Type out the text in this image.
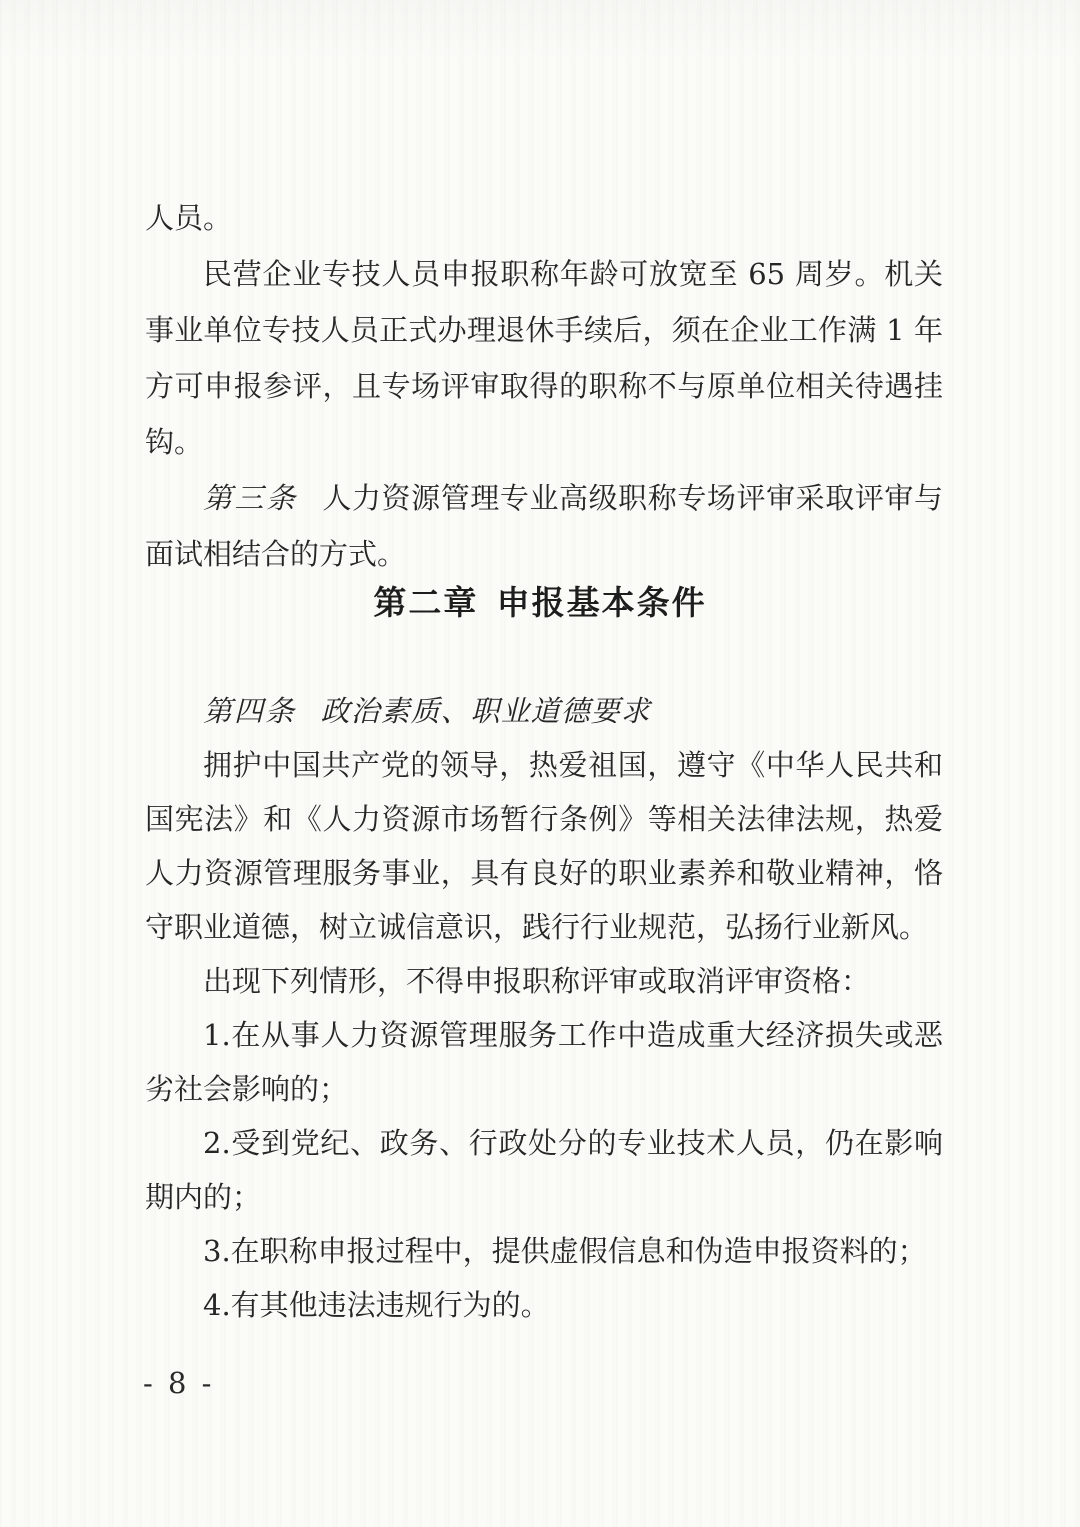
人员。

民营企业专技人员申报职称年龄可放宽至 65 周岁。机关事业单位专技人员正式办理退休手续后，须在企业工作满 1 年方可申报参评，且专场评审取得的职称不与原单位相关待遇挂钩。

第三条 人力资源管理专业高级职称专场评审采取评审与面试相结合的方式。

第二章 申报基本条件

第四条 政治素质、职业道德要求

拥护中国共产党的领导，热爱祖国，遵守《中华人民共和国宪法》和《人力资源市场暂行条例》等相关法律法规，热爱人力资源管理服务事业，具有良好的职业素养和敬业精神，恪守职业道德，树立诚信意识，践行行业规范，弘扬行业新风。

出现下列情形，不得申报职称评审或取消评审资格：

1.在从事人力资源管理服务工作中造成重大经济损失或恶劣社会影响的；

2.受到党纪、政务、行政处分的专业技术人员，仍在影响期内的；

3.在职称申报过程中，提供虚假信息和伪造申报资料的；

4.有其他违法违规行为的。

- 8 -
